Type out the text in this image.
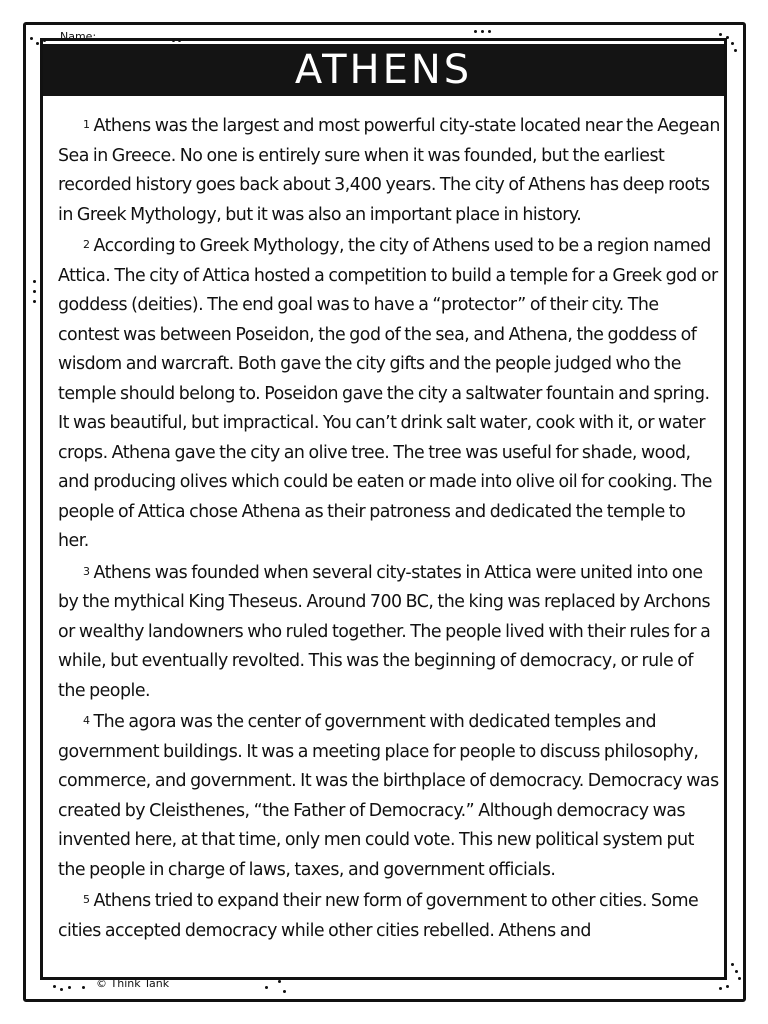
Name:
ATHENS

1 Athens was the largest and most powerful city-state located near the Aegean Sea in Greece. No one is entirely sure when it was founded, but the earliest recorded history goes back about 3,400 years. The city of Athens has deep roots in Greek Mythology, but it was also an important place in history.

2 According to Greek Mythology, the city of Athens used to be a region named Attica. The city of Attica hosted a competition to build a temple for a Greek god or goddess (deities). The end goal was to have a “protector” of their city. The contest was between Poseidon, the god of the sea, and Athena, the goddess of wisdom and warcraft. Both gave the city gifts and the people judged who the temple should belong to. Poseidon gave the city a saltwater fountain and spring. It was beautiful, but impractical. You can’t drink salt water, cook with it, or water crops. Athena gave the city an olive tree. The tree was useful for shade, wood, and producing olives which could be eaten or made into olive oil for cooking. The people of Attica chose Athena as their patroness and dedicated the temple to her.

3 Athens was founded when several city-states in Attica were united into one by the mythical King Theseus. Around 700 BC, the king was replaced by Archons or wealthy landowners who ruled together. The people lived with their rules for a while, but eventually revolted. This was the beginning of democracy, or rule of the people.

4 The agora was the center of government with dedicated temples and government buildings. It was a meeting place for people to discuss philosophy, commerce, and government. It was the birthplace of democracy. Democracy was created by Cleisthenes, “the Father of Democracy.” Although democracy was invented here, at that time, only men could vote. This new political system put the people in charge of laws, taxes, and government officials.

5 Athens tried to expand their new form of government to other cities. Some cities accepted democracy while other cities rebelled. Athens and

© Think Tank
